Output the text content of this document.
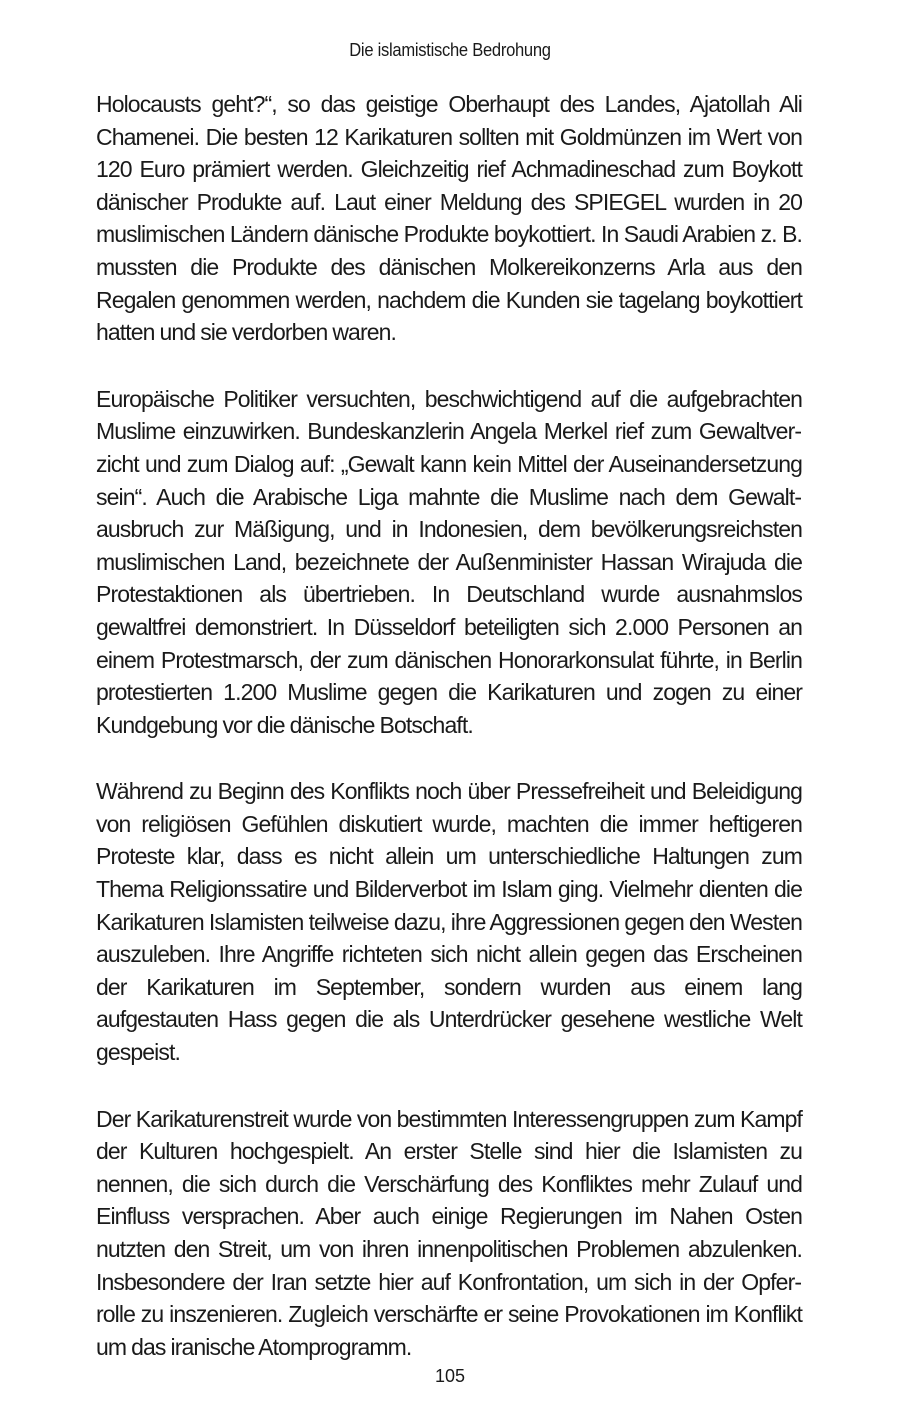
Die islamistische Bedrohung

Holocausts geht?“, so das geistige Oberhaupt des Landes, Ajatollah Ali Chamenei. Die besten 12 Karikaturen sollten mit Goldmünzen im Wert von 120 Euro prämiert werden. Gleichzeitig rief Achmadineschad zum Boykott dänischer Produkte auf. Laut einer Meldung des SPIEGEL wurden in 20 muslimischen Ländern dänische Produkte boykottiert. In Saudi Arabien z. B. mussten die Produkte des dänischen Molkereikonzerns Arla aus den Regalen genommen werden, nachdem die Kunden sie tagelang boykottiert hatten und sie verdorben waren.

Europäische Politiker versuchten, beschwichtigend auf die aufgebrachten Muslime einzuwirken. Bundeskanzlerin Angela Merkel rief zum Gewaltverzicht und zum Dialog auf: „Gewalt kann kein Mittel der Auseinandersetzung sein“. Auch die Arabische Liga mahnte die Muslime nach dem Gewaltausbruch zur Mäßigung, und in Indonesien, dem bevölkerungsreichsten muslimischen Land, bezeichnete der Außenminister Hassan Wirajuda die Protestaktionen als übertrieben. In Deutschland wurde ausnahmslos gewaltfrei demonstriert. In Düsseldorf beteiligten sich 2.000 Personen an einem Protestmarsch, der zum dänischen Honorarkonsulat führte, in Berlin protestierten 1.200 Muslime gegen die Karikaturen und zogen zu einer Kundgebung vor die dänische Botschaft.

Während zu Beginn des Konflikts noch über Pressefreiheit und Beleidigung von religiösen Gefühlen diskutiert wurde, machten die immer heftigeren Proteste klar, dass es nicht allein um unterschiedliche Haltungen zum Thema Religionssatire und Bilderverbot im Islam ging. Vielmehr dienten die Karikaturen Islamisten teilweise dazu, ihre Aggressionen gegen den Westen auszuleben. Ihre Angriffe richteten sich nicht allein gegen das Erscheinen der Karikaturen im September, sondern wurden aus einem lang aufgestauten Hass gegen die als Unterdrücker gesehene westliche Welt gespeist.

Der Karikaturenstreit wurde von bestimmten Interessengruppen zum Kampf der Kulturen hochgespielt. An erster Stelle sind hier die Islamisten zu nennen, die sich durch die Verschärfung des Konfliktes mehr Zulauf und Einfluss versprachen. Aber auch einige Regierungen im Nahen Osten nutzten den Streit, um von ihren innenpolitischen Problemen abzulenken. Insbesondere der Iran setzte hier auf Konfrontation, um sich in der Opferrolle zu inszenieren. Zugleich verschärfte er seine Provokationen im Konflikt um das iranische Atomprogramm.

105
